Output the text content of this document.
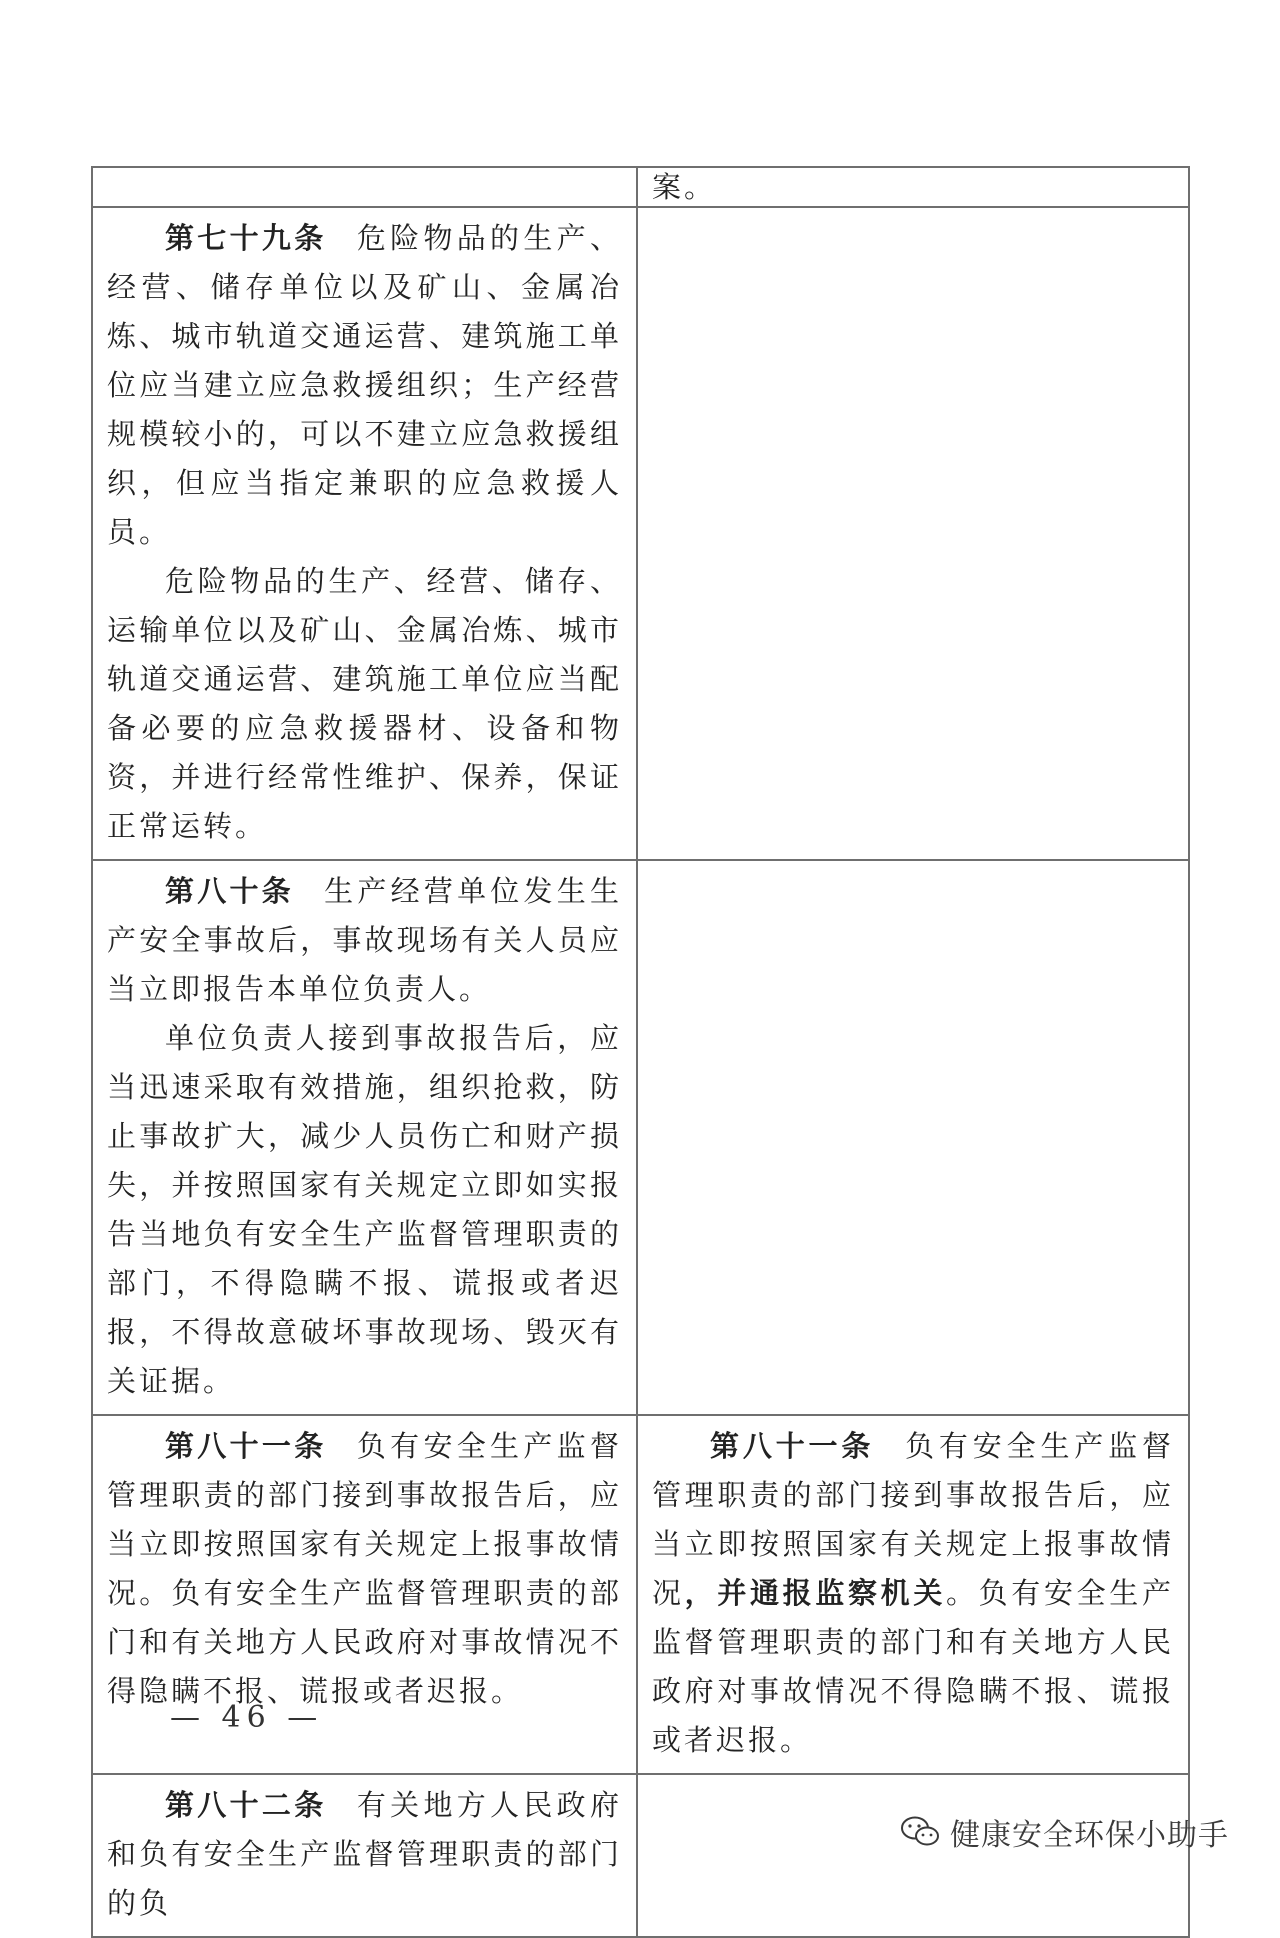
	案。

第七十九条 危险物品的生产、经营、储存单位以及矿山、金属冶炼、城市轨道交通运营、建筑施工单位应当建立应急救援组织；生产经营规模较小的，可以不建立应急救援组织，但应当指定兼职的应急救援人员。

危险物品的生产、经营、储存、运输单位以及矿山、金属冶炼、城市轨道交通运营、建筑施工单位应当配备必要的应急救援器材、设备和物资，并进行经常性维护、保养，保证正常运转。	

第八十条 生产经营单位发生生产安全事故后，事故现场有关人员应当立即报告本单位负责人。

单位负责人接到事故报告后，应当迅速采取有效措施，组织抢救，防止事故扩大，减少人员伤亡和财产损失，并按照国家有关规定立即如实报告当地负有安全生产监督管理职责的部门，不得隐瞒不报、谎报或者迟报，不得故意破坏事故现场、毁灭有关证据。	

第八十一条 负有安全生产监督管理职责的部门接到事故报告后，应当立即按照国家有关规定上报事故情况。负有安全生产监督管理职责的部门和有关地方人民政府对事故情况不得隐瞒不报、谎报或者迟报。	第八十一条 负有安全生产监督管理职责的部门接到事故报告后，应当立即按照国家有关规定上报事故情况，并通报监察机关。负有安全生产监督管理职责的部门和有关地方人民政府对事故情况不得隐瞒不报、谎报或者迟报。

第八十二条 有关地方人民政府和负有安全生产监督管理职责的部门的负	

— 46 —
健康安全环保小助手
